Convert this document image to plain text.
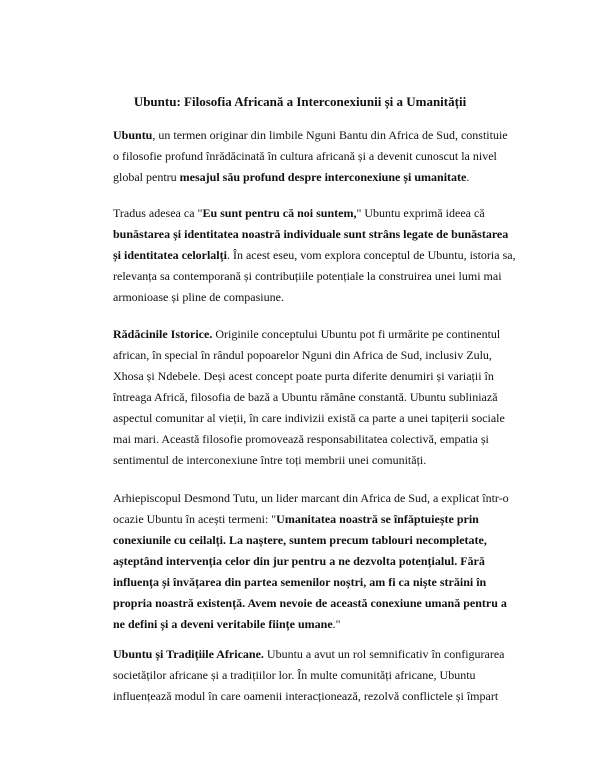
Ubuntu: Filosofia Africană a Interconexiunii și a Umanității
Ubuntu, un termen originar din limbile Nguni Bantu din Africa de Sud, constituie
o filosofie profund înrădăcinată în cultura africană și a devenit cunoscut la nivel
global pentru mesajul său profund despre interconexiune și umanitate.
Tradus adesea ca "Eu sunt pentru că noi suntem," Ubuntu exprimă ideea că
bunăstarea și identitatea noastră individuale sunt strâns legate de bunăstarea
și identitatea celorlalți. În acest eseu, vom explora conceptul de Ubuntu, istoria sa,
relevanța sa contemporană și contribuțiile potențiale la construirea unei lumi mai
armonioase și pline de compasiune.
Rădăcinile Istorice. Originile conceptului Ubuntu pot fi urmărite pe continentul
african, în special în rândul popoarelor Nguni din Africa de Sud, inclusiv Zulu,
Xhosa și Ndebele. Deși acest concept poate purta diferite denumiri și variații în
întreaga Africă, filosofia de bază a Ubuntu rămâne constantă. Ubuntu subliniază
aspectul comunitar al vieții, în care indivizii există ca parte a unei tapițerii sociale
mai mari. Această filosofie promovează responsabilitatea colectivă, empatia și
sentimentul de interconexiune între toți membrii unei comunități.
Arhiepiscopul Desmond Tutu, un lider marcant din Africa de Sud, a explicat într-o
ocazie Ubuntu în acești termeni: "Umanitatea noastră se înfăptuiește prin
conexiunile cu ceilalți. La naștere, suntem precum tablouri necompletate,
așteptând intervenția celor din jur pentru a ne dezvolta potențialul. Fără
influența și învățarea din partea semenilor noștri, am fi ca niște străini în
propria noastră existență. Avem nevoie de această conexiune umană pentru a
ne defini și a deveni veritabile ființe umane."
Ubuntu și Tradițiile Africane. Ubuntu a avut un rol semnificativ în configurarea
societăților africane și a tradițiilor lor. În multe comunități africane, Ubuntu
influențează modul în care oamenii interacționează, rezolvă conflictele și împart
